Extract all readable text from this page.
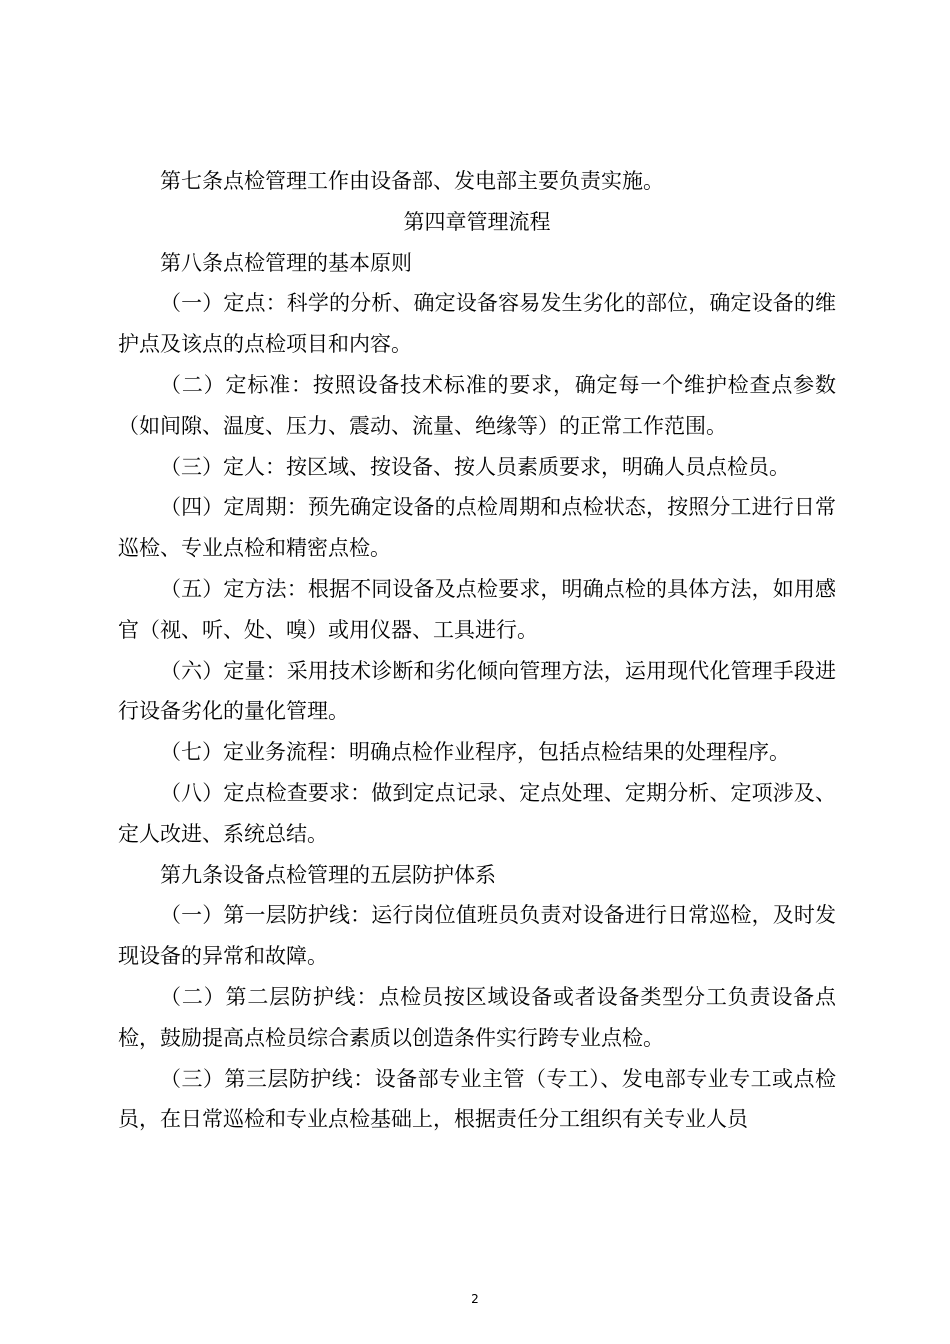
第七条点检管理工作由设备部、发电部主要负责实施。

第四章管理流程

第八条点检管理的基本原则

（一）定点：科学的分析、确定设备容易发生劣化的部位，确定设备的维护点及该点的点检项目和内容。

（二）定标准：按照设备技术标准的要求，确定每一个维护检查点参数（如间隙、温度、压力、震动、流量、绝缘等）的正常工作范围。

（三）定人：按区域、按设备、按人员素质要求，明确人员点检员。

（四）定周期：预先确定设备的点检周期和点检状态，按照分工进行日常巡检、专业点检和精密点检。

（五）定方法：根据不同设备及点检要求，明确点检的具体方法，如用感官（视、听、处、嗅）或用仪器、工具进行。

（六）定量：采用技术诊断和劣化倾向管理方法，运用现代化管理手段进行设备劣化的量化管理。

（七）定业务流程：明确点检作业程序，包括点检结果的处理程序。

（八）定点检查要求：做到定点记录、定点处理、定期分析、定项涉及、定人改进、系统总结。

第九条设备点检管理的五层防护体系

（一）第一层防护线：运行岗位值班员负责对设备进行日常巡检，及时发现设备的异常和故障。

（二）第二层防护线：点检员按区域设备或者设备类型分工负责设备点检，鼓励提高点检员综合素质以创造条件实行跨专业点检。

（三）第三层防护线：设备部专业主管（专工）、发电部专业专工或点检员，在日常巡检和专业点检基础上，根据责任分工组织有关专业人员

2
